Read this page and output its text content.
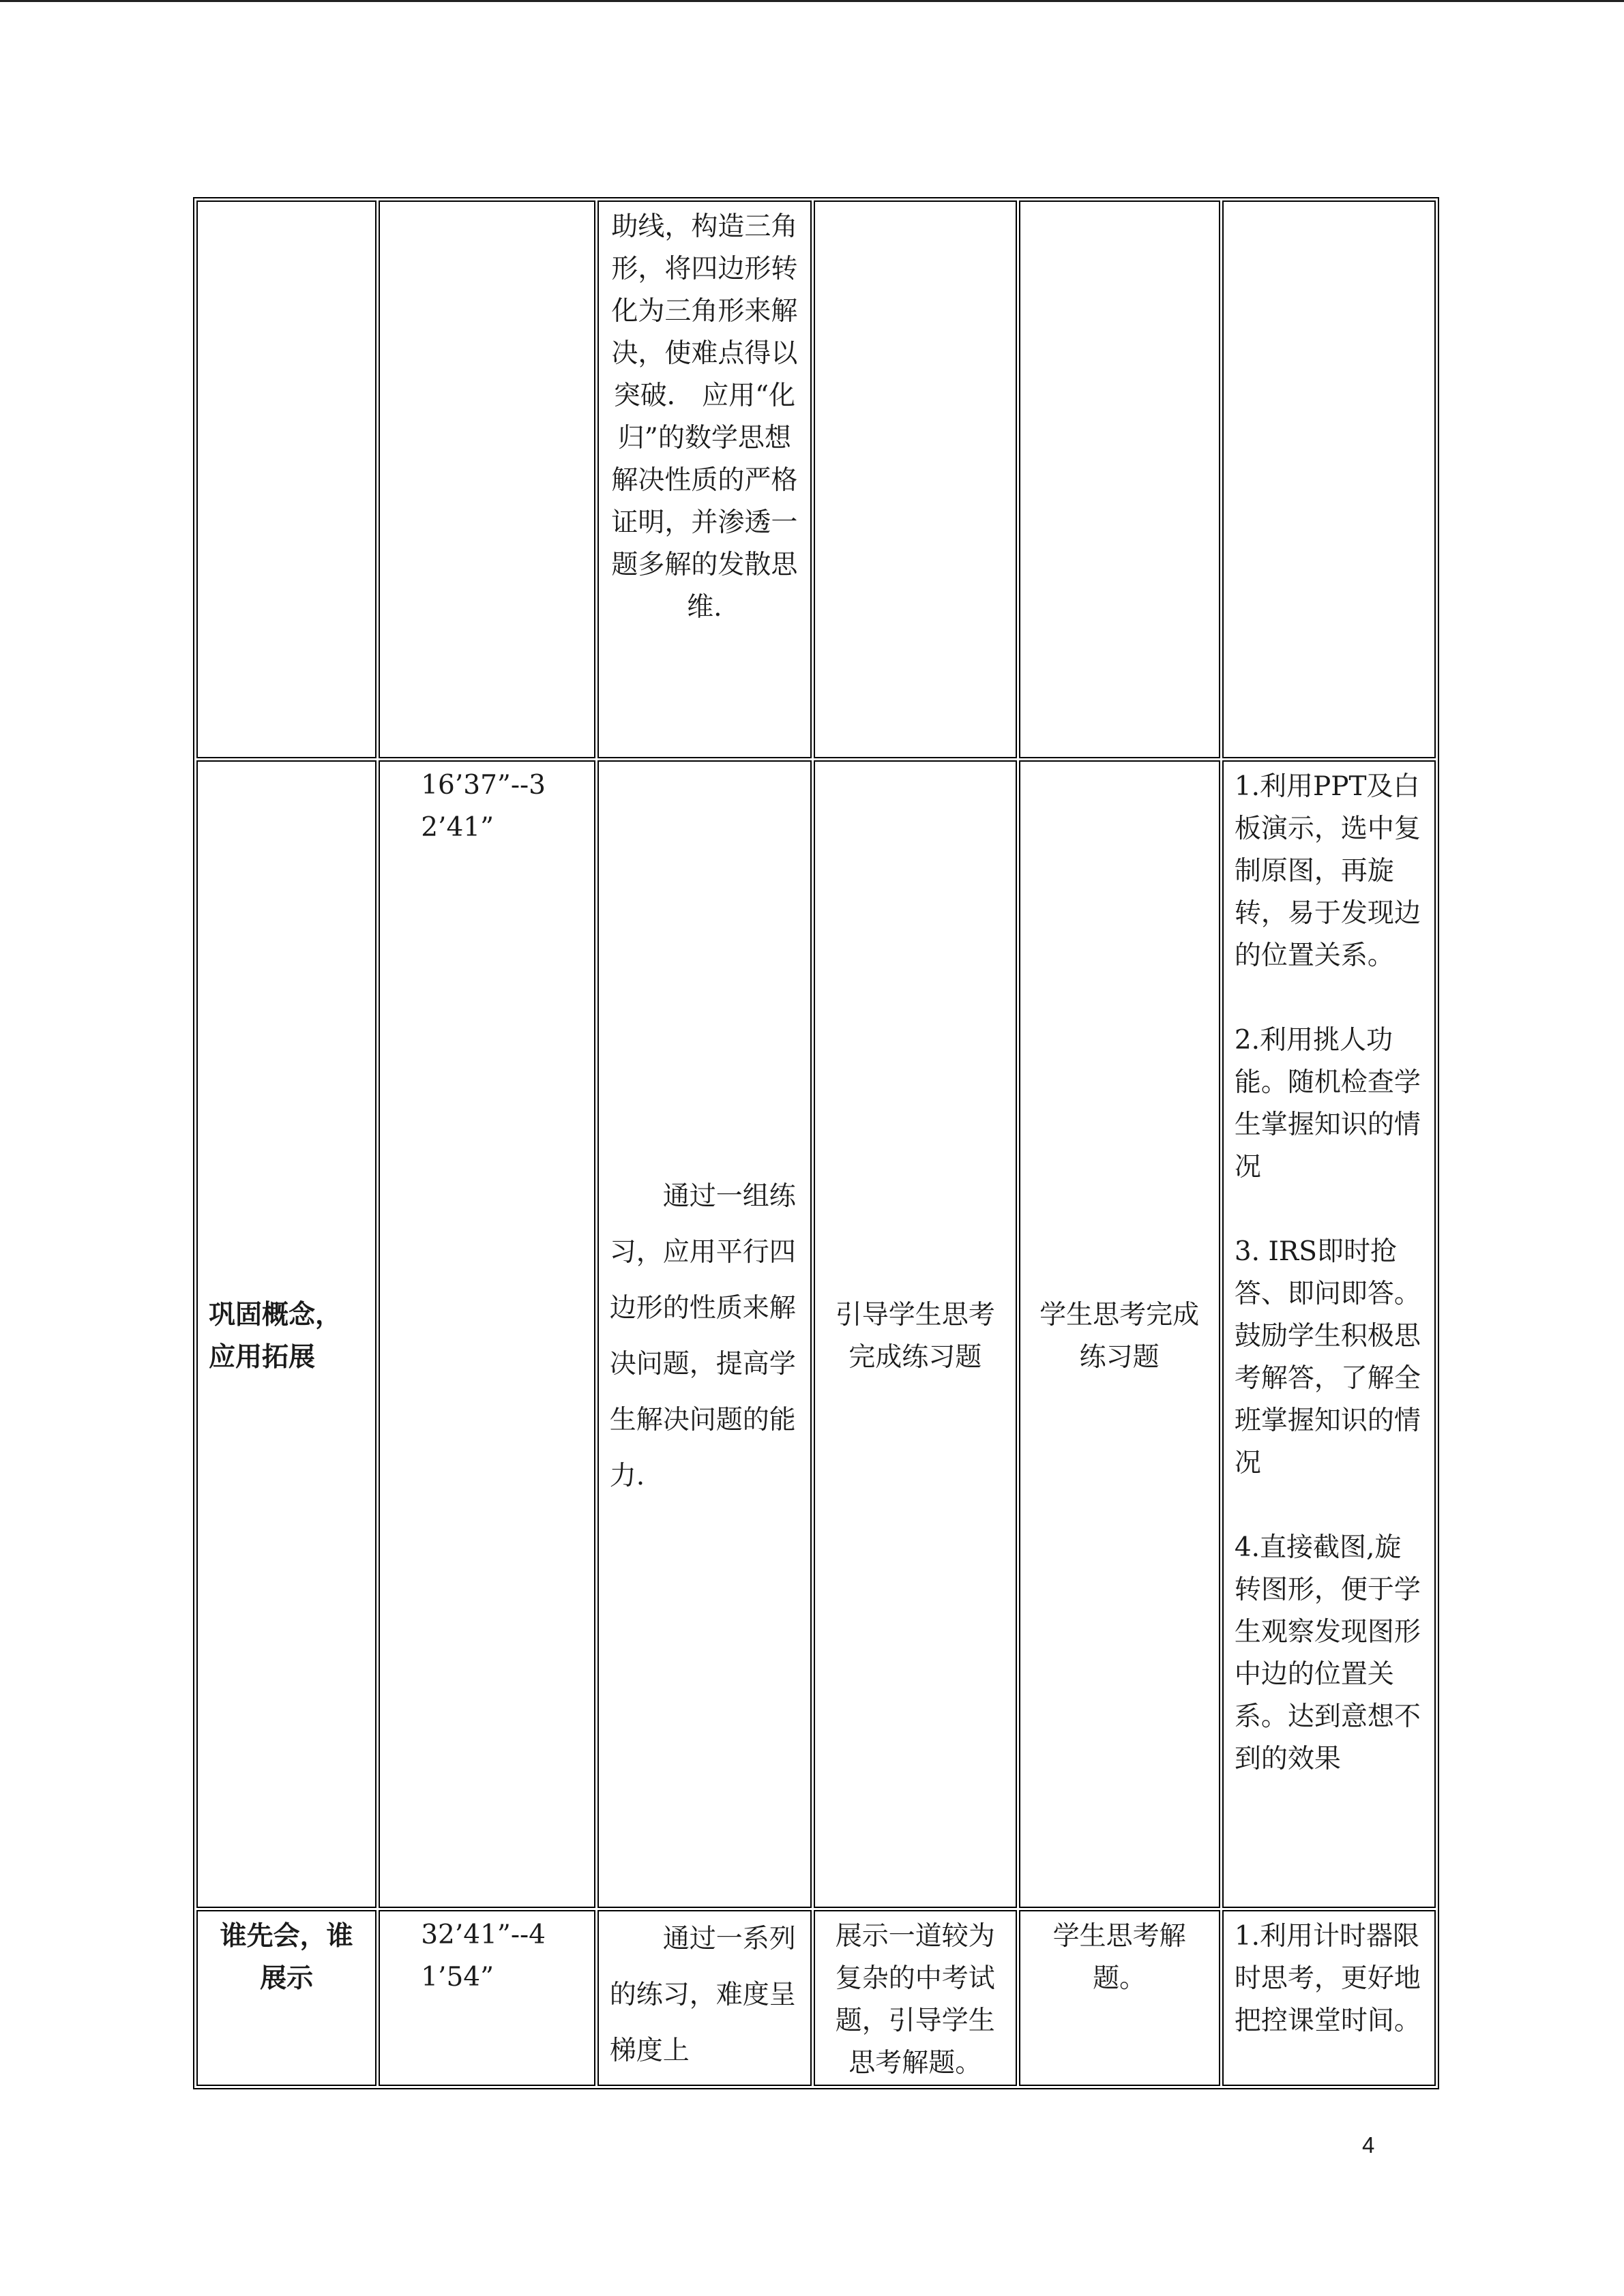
		助线，构造三角形，将四边形转化为三角形来解决，使难点得以突破． 应用“化归”的数学思想解决性质的严格证明，并渗透一题多解的发散思维.			
巩固概念，应用拓展	16’37”--32’41”	通过一组练习，应用平行四边形的性质来解决问题，提高学生解决问题的能力.	引导学生思考完成练习题	学生思考完成练习题	1.利用PPT及白板演示，选中复制原图，再旋转，易于发现边的位置关系。
2.利用挑人功能。随机检查学生掌握知识的情况
3. IRS即时抢答、即问即答。鼓励学生积极思考解答，了解全班掌握知识的情况
4.直接截图,旋转图形，便于学生观察发现图形中边的位置关系。达到意想不到的效果

谁先会，谁展示	32’41”--41’54”	通过一系列的练习，难度呈梯度上	展示一道较为复杂的中考试题，引导学生思考解题。	学生思考解题。	1.利用计时器限时思考，更好地把控课堂时间。
4
